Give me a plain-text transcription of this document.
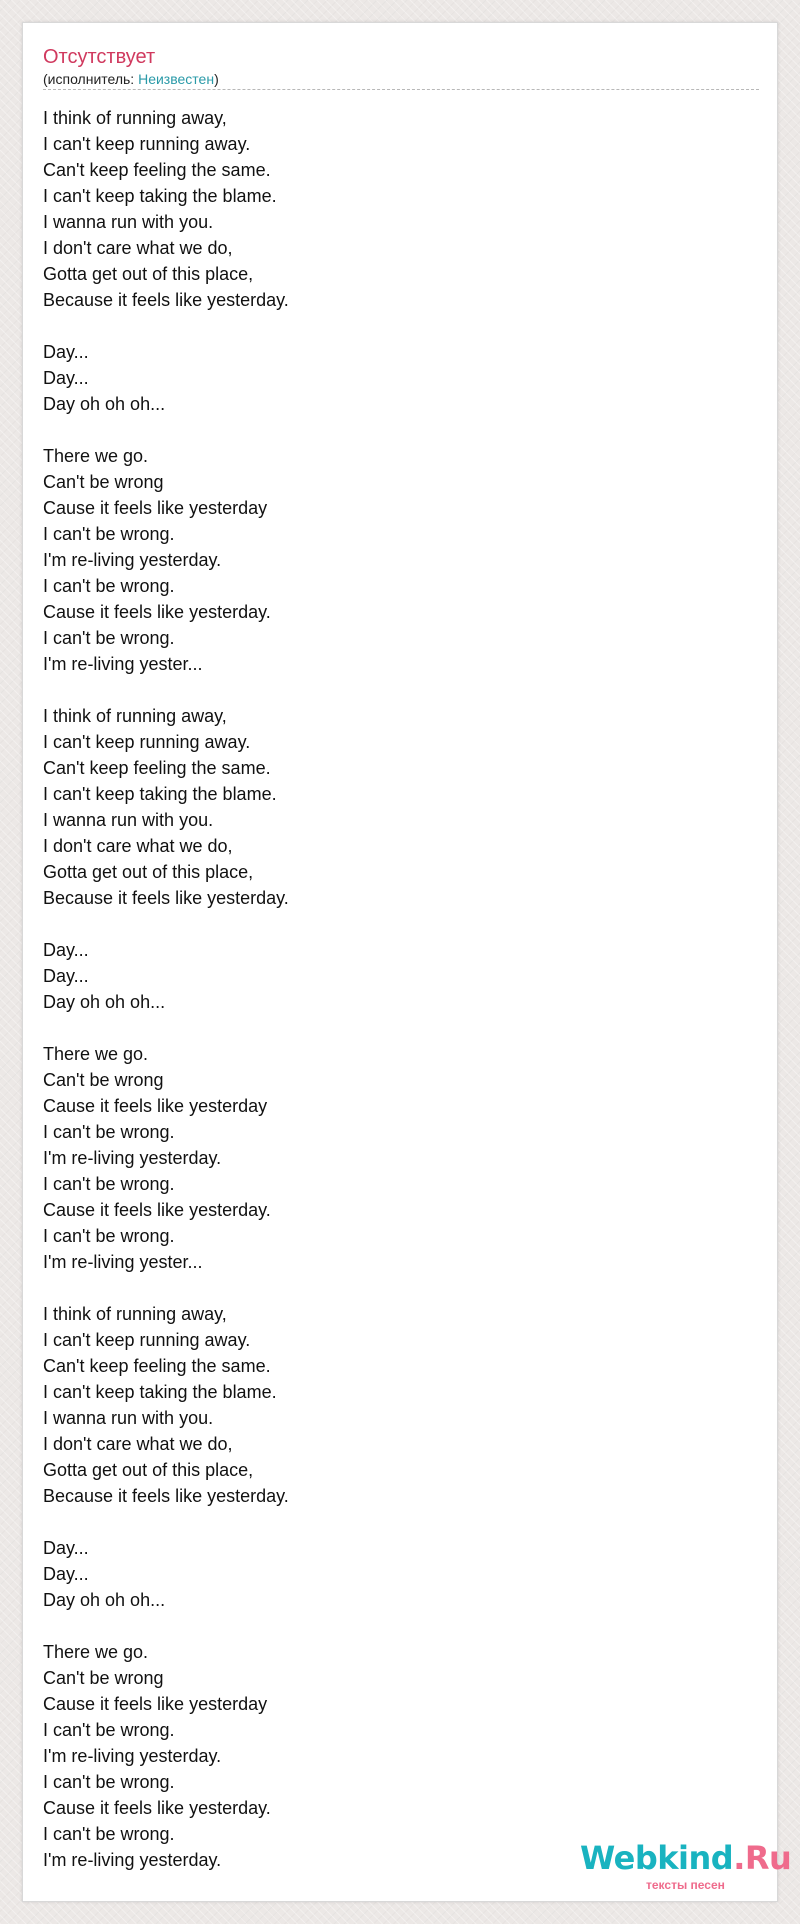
Отсутствует
(исполнитель: Неизвестен)
I think of running away,
I can't keep running away.
Can't keep feeling the same.
I can't keep taking the blame.
I wanna run with you.
I don't care what we do,
Gotta get out of this place,
Because it feels like yesterday.
Day...
Day...
Day oh oh oh...
There we go.
Can't be wrong
Cause it feels like yesterday
I can't be wrong.
I'm re-living yesterday.
I can't be wrong.
Cause it feels like yesterday.
I can't be wrong.
I'm re-living yester...
I think of running away,
I can't keep running away.
Can't keep feeling the same.
I can't keep taking the blame.
I wanna run with you.
I don't care what we do,
Gotta get out of this place,
Because it feels like yesterday.
Day...
Day...
Day oh oh oh...
There we go.
Can't be wrong
Cause it feels like yesterday
I can't be wrong.
I'm re-living yesterday.
I can't be wrong.
Cause it feels like yesterday.
I can't be wrong.
I'm re-living yester...
I think of running away,
I can't keep running away.
Can't keep feeling the same.
I can't keep taking the blame.
I wanna run with you.
I don't care what we do,
Gotta get out of this place,
Because it feels like yesterday.
Day...
Day...
Day oh oh oh...
There we go.
Can't be wrong
Cause it feels like yesterday
I can't be wrong.
I'm re-living yesterday.
I can't be wrong.
Cause it feels like yesterday.
I can't be wrong.
I'm re-living yesterday.	Webkind.Ru
тексты песен
